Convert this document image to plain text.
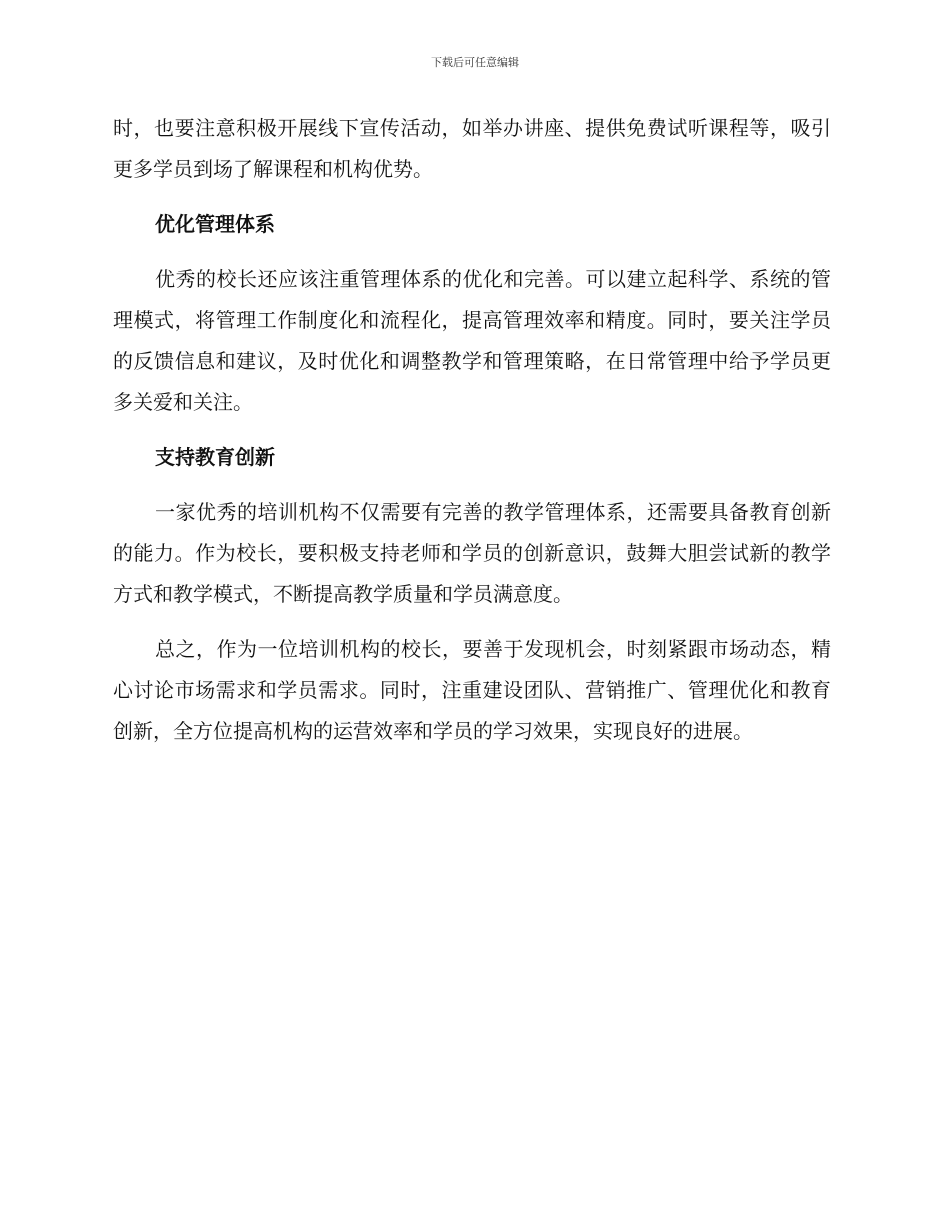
下载后可任意编辑

时，也要注意积极开展线下宣传活动，如举办讲座、提供免费试听课程等，吸引更多学员到场了解课程和机构优势。

优化管理体系

优秀的校长还应该注重管理体系的优化和完善。可以建立起科学、系统的管理模式，将管理工作制度化和流程化，提高管理效率和精度。同时，要关注学员的反馈信息和建议，及时优化和调整教学和管理策略，在日常管理中给予学员更多关爱和关注。

支持教育创新

一家优秀的培训机构不仅需要有完善的教学管理体系，还需要具备教育创新的能力。作为校长，要积极支持老师和学员的创新意识，鼓舞大胆尝试新的教学方式和教学模式，不断提高教学质量和学员满意度。

总之，作为一位培训机构的校长，要善于发现机会，时刻紧跟市场动态，精心讨论市场需求和学员需求。同时，注重建设团队、营销推广、管理优化和教育创新，全方位提高机构的运营效率和学员的学习效果，实现良好的进展。
